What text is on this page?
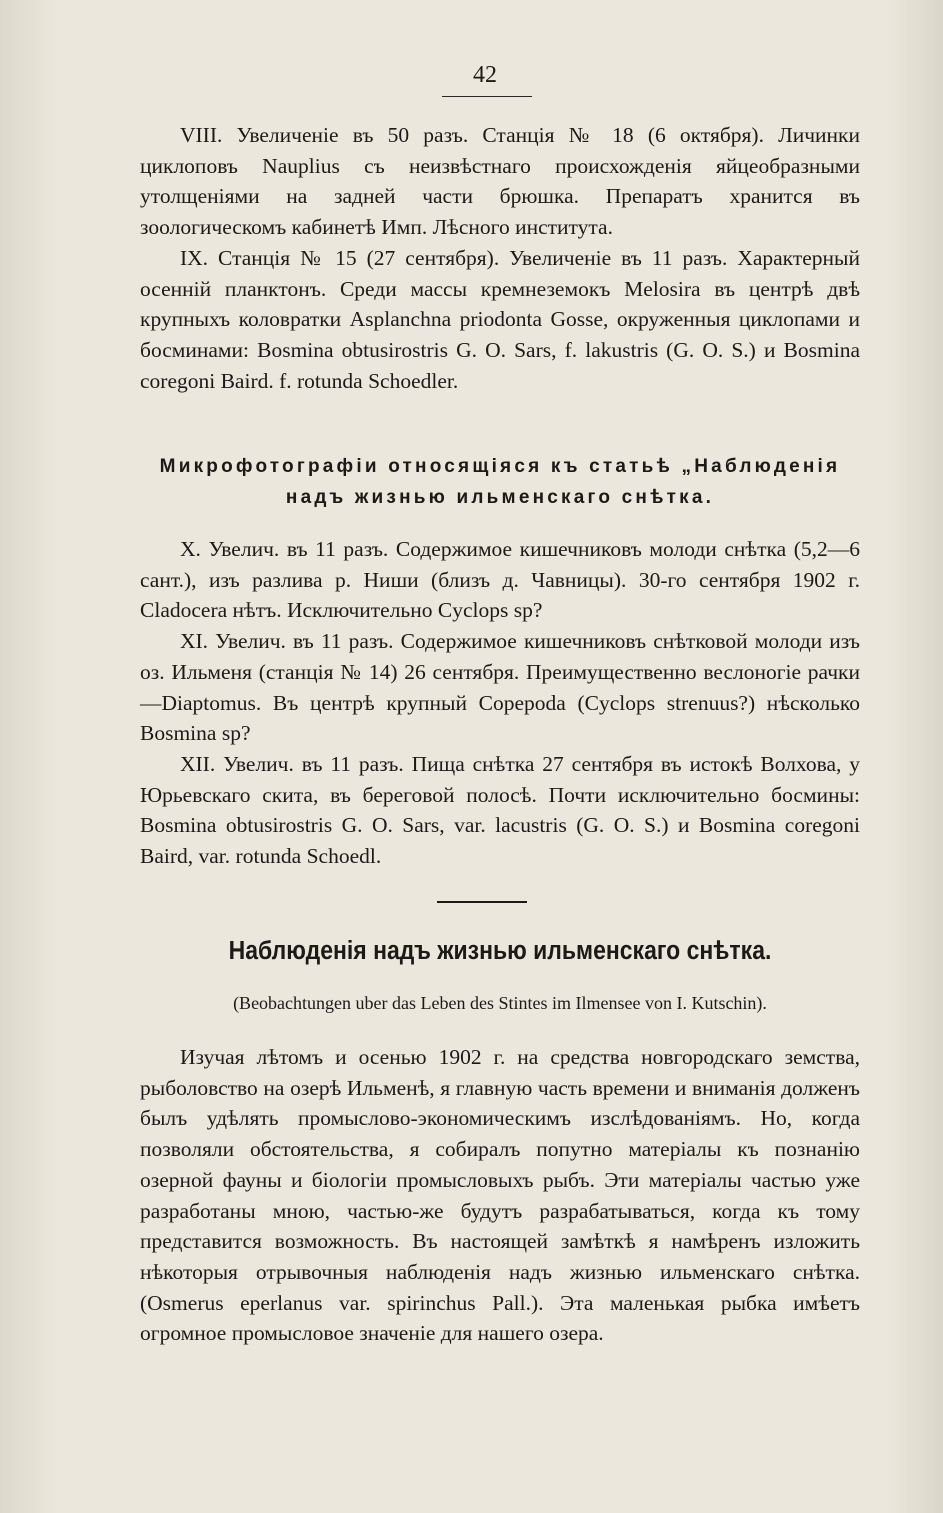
42

VIII. Увеличеніе въ 50 разъ. Станція № 18 (6 октября). Личинки циклоповъ Nauplius съ неизвѣстнаго происхожденія яйцеобразными утолщеніями на задней части брюшка. Препаратъ хранится въ зоологическомъ кабинетѣ Имп. Лѣсного института.

IX. Станція № 15 (27 сентября). Увеличеніе въ 11 разъ. Характерный осенній планктонъ. Среди массы кремнеземокъ Melosira въ центрѣ двѣ крупныхъ коловратки Asplanchna priodonta Gosse, окруженныя циклопами и босминами: Bosmina obtusirostris G. O. Sars, f. lakustris (G. O. S.) и Bosmina coregoni Baird. f. rotunda Schoedler.

Микрофотографіи относящіяся къ статьѣ „Наблюденія надъ жизнью ильменскаго снѣтка.

X. Увелич. въ 11 разъ. Содержимое кишечниковъ молоди снѣтка (5,2—6 сант.), изъ разлива р. Ниши (близъ д. Чавницы). 30-го сентября 1902 г. Cladocera нѣтъ. Исключительно Cyclops sp?

XI. Увелич. въ 11 разъ. Содержимое кишечниковъ снѣтковой молоди изъ оз. Ильменя (станція № 14) 26 сентября. Преимущественно веслоногіе рачки—Diaptomus. Въ центрѣ крупный Copepoda (Cyclops strenuus?) нѣсколько Bosmina sp?

XII. Увелич. въ 11 разъ. Пища снѣтка 27 сентября въ истокѣ Волхова, у Юрьевскаго скита, въ береговой полосѣ. Почти исключительно босмины: Bosmina obtusirostris G. O. Sars, var. lacustris (G. O. S.) и Bosmina coregoni Baird, var. rotunda Schoedl.

Наблюденія надъ жизнью ильменскаго снѣтка.
(Beobachtungen uber das Leben des Stintes im Ilmensee von I. Kutschin).

Изучая лѣтомъ и осенью 1902 г. на средства новгородскаго земства, рыболовство на озерѣ Ильменѣ, я главную часть времени и вниманія долженъ былъ удѣлять промыслово-экономическимъ изслѣдованіямъ. Но, когда позволяли обстоятельства, я собиралъ попутно матеріалы къ познанію озерной фауны и біологіи промысловыхъ рыбъ. Эти матеріалы частью уже разработаны мною, частью-же будутъ разрабатываться, когда къ тому представится возможность. Въ настоящей замѣткѣ я намѣренъ изложить нѣкоторыя отрывочныя наблюденія надъ жизнью ильменскаго снѣтка. (Osmerus eperlanus var. spirinchus Pall.). Эта маленькая рыбка имѣетъ огромное промысловое значеніе для нашего озера.
